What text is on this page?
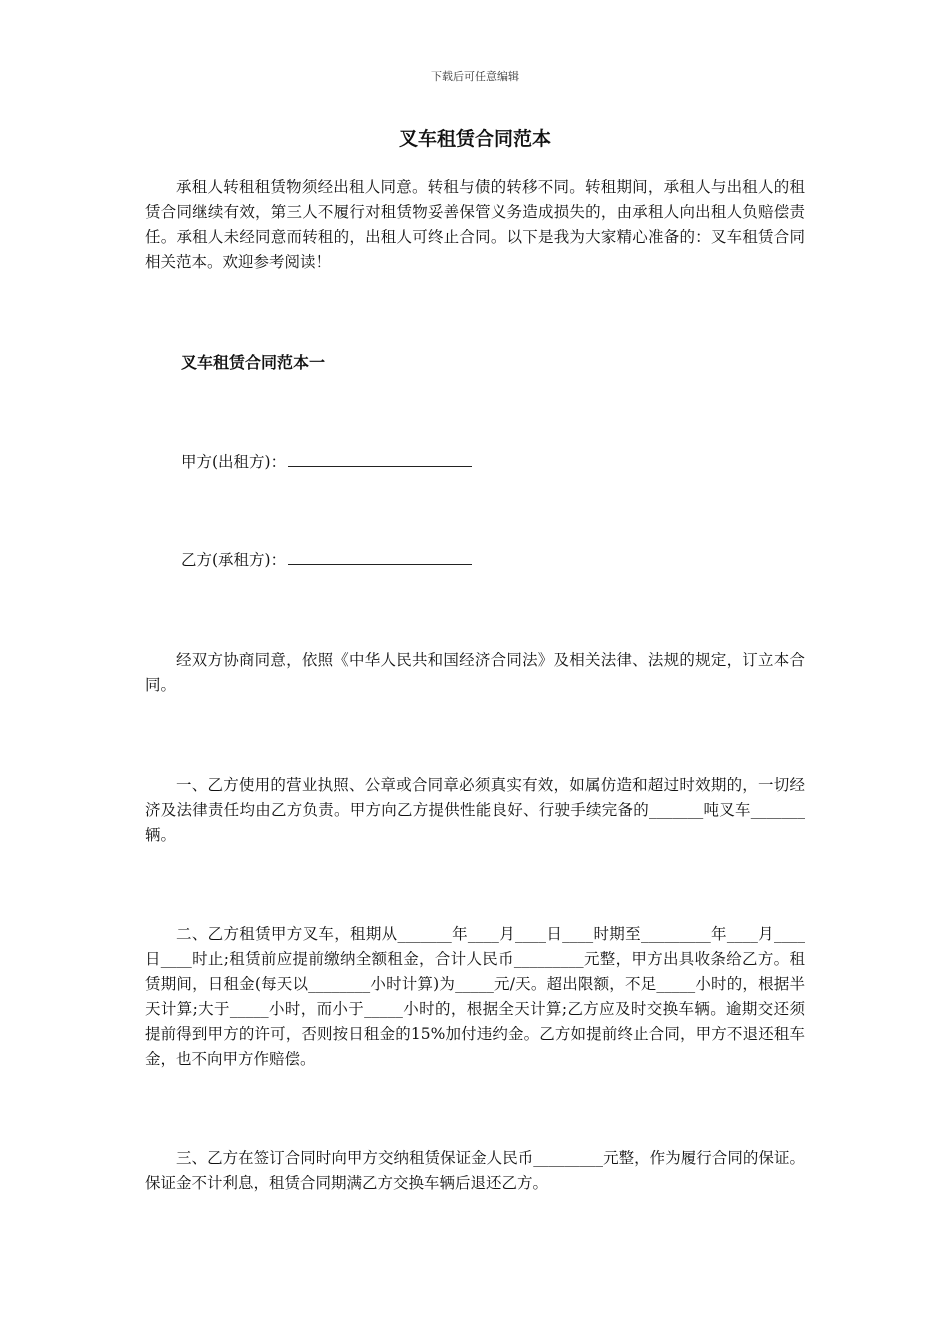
下载后可任意编辑
叉车租赁合同范本

承租人转租租赁物须经出租人同意。转租与债的转移不同。转租期间，承租人与出租人的租赁合同继续有效，第三人不履行对租赁物妥善保管义务造成损失的，由承租人向出租人负赔偿责任。承租人未经同意而转租的，出租人可终止合同。以下是我为大家精心准备的：叉车租赁合同相关范本。欢迎参考阅读！

叉车租赁合同范本一
甲方(出租方)：
乙方(承租方)：

经双方协商同意，依照《中华人民共和国经济合同法》及相关法律、法规的规定，订立本合同。

一、乙方使用的营业执照、公章或合同章必须真实有效，如属仿造和超过时效期的，一切经济及法律责任均由乙方负责。甲方向乙方提供性能良好、行驶手续完备的_______吨叉车_______辆。

二、乙方租赁甲方叉车，租期从_______年____月____日____时期至_________年____月____日____时止;租赁前应提前缴纳全额租金，合计人民币_________元整，甲方出具收条给乙方。租赁期间，日租金(每天以________小时计算)为_____元/天。超出限额，不足_____小时的，根据半天计算;大于_____小时，而小于_____小时的，根据全天计算;乙方应及时交换车辆。逾期交还须提前得到甲方的许可，否则按日租金的15%加付违约金。乙方如提前终止合同，甲方不退还租车金，也不向甲方作赔偿。

三、乙方在签订合同时向甲方交纳租赁保证金人民币_________元整，作为履行合同的保证。保证金不计利息，租赁合同期满乙方交换车辆后退还乙方。
